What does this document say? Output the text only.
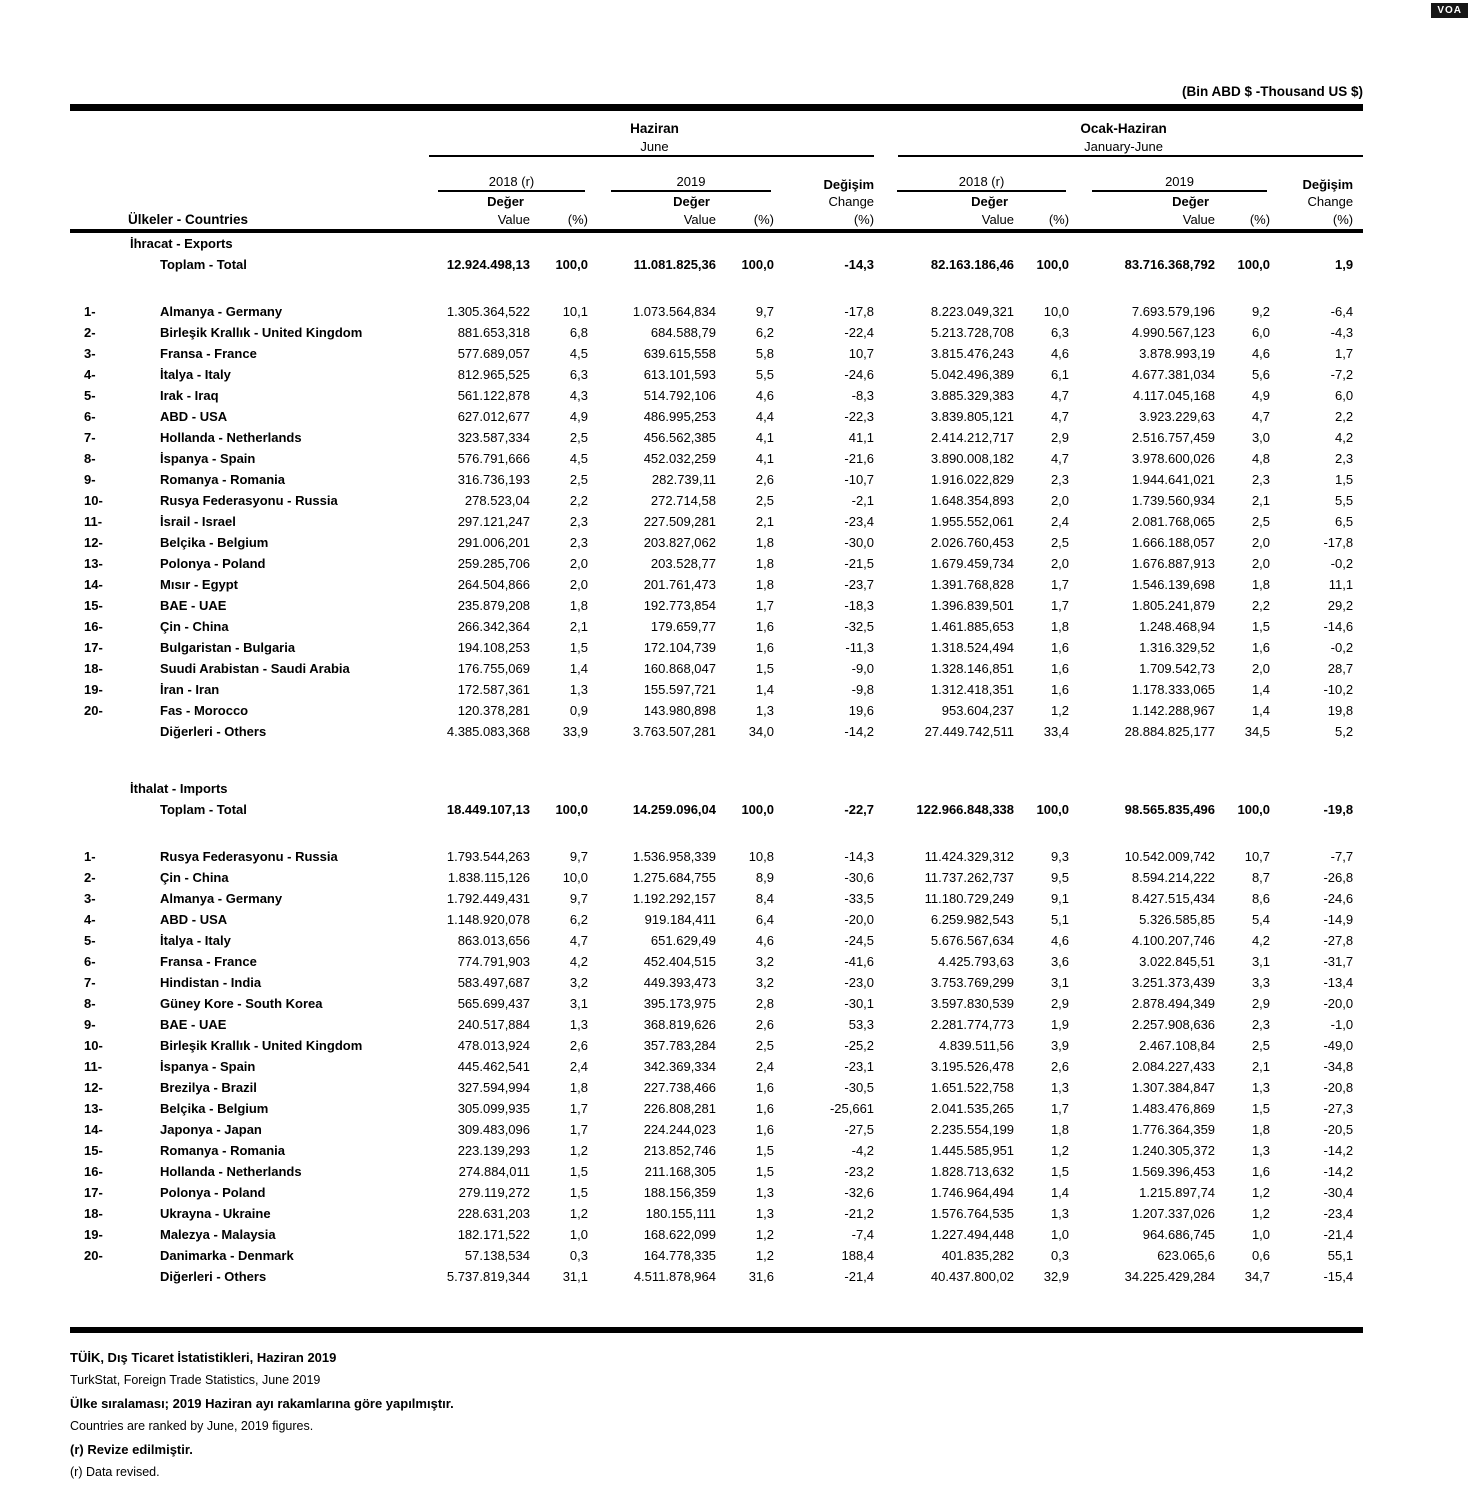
VOA
(Bin ABD $ -Thousand US $)
		Haziran					Ocak-Haziran				
		June					January-June				
		2018 (r)		2019		Değişim	2018 (r)		2019		Değişim
Ülkeler - Countries		Değer		Değer		Change	Değer		Değer		Change
		Value	(%)	Value	(%)	(%)	Value	(%)	Value	(%)	(%)
İhracat - Exports											
Toplam - Total		12.924.498,13	100,0	11.081.825,36	100,0	-14,3	82.163.186,46	100,0	83.716.368,792	100,0	1,9

1-	Almanya - Germany	1.305.364,522	10,1	1.073.564,834	9,7	-17,8	8.223.049,321	10,0	7.693.579,196	9,2	-6,4
2-	Birleşik Krallık - United Kingdom	881.653,318	6,8	684.588,79	6,2	-22,4	5.213.728,708	6,3	4.990.567,123	6,0	-4,3
3-	Fransa - France	577.689,057	4,5	639.615,558	5,8	10,7	3.815.476,243	4,6	3.878.993,19	4,6	1,7
4-	İtalya - Italy	812.965,525	6,3	613.101,593	5,5	-24,6	5.042.496,389	6,1	4.677.381,034	5,6	-7,2
5-	Irak - Iraq	561.122,878	4,3	514.792,106	4,6	-8,3	3.885.329,383	4,7	4.117.045,168	4,9	6,0
6-	ABD - USA	627.012,677	4,9	486.995,253	4,4	-22,3	3.839.805,121	4,7	3.923.229,63	4,7	2,2
7-	Hollanda - Netherlands	323.587,334	2,5	456.562,385	4,1	41,1	2.414.212,717	2,9	2.516.757,459	3,0	4,2
8-	İspanya - Spain	576.791,666	4,5	452.032,259	4,1	-21,6	3.890.008,182	4,7	3.978.600,026	4,8	2,3
9-	Romanya - Romania	316.736,193	2,5	282.739,11	2,6	-10,7	1.916.022,829	2,3	1.944.641,021	2,3	1,5
10-	Rusya Federasyonu - Russia	278.523,04	2,2	272.714,58	2,5	-2,1	1.648.354,893	2,0	1.739.560,934	2,1	5,5
11-	İsrail - Israel	297.121,247	2,3	227.509,281	2,1	-23,4	1.955.552,061	2,4	2.081.768,065	2,5	6,5
12-	Belçika - Belgium	291.006,201	2,3	203.827,062	1,8	-30,0	2.026.760,453	2,5	1.666.188,057	2,0	-17,8
13-	Polonya - Poland	259.285,706	2,0	203.528,77	1,8	-21,5	1.679.459,734	2,0	1.676.887,913	2,0	-0,2
14-	Mısır - Egypt	264.504,866	2,0	201.761,473	1,8	-23,7	1.391.768,828	1,7	1.546.139,698	1,8	11,1
15-	BAE - UAE	235.879,208	1,8	192.773,854	1,7	-18,3	1.396.839,501	1,7	1.805.241,879	2,2	29,2
16-	Çin - China	266.342,364	2,1	179.659,77	1,6	-32,5	1.461.885,653	1,8	1.248.468,94	1,5	-14,6
17-	Bulgaristan - Bulgaria	194.108,253	1,5	172.104,739	1,6	-11,3	1.318.524,494	1,6	1.316.329,52	1,6	-0,2
18-	Suudi Arabistan - Saudi Arabia	176.755,069	1,4	160.868,047	1,5	-9,0	1.328.146,851	1,6	1.709.542,73	2,0	28,7
19-	İran - Iran	172.587,361	1,3	155.597,721	1,4	-9,8	1.312.418,351	1,6	1.178.333,065	1,4	-10,2
20-	Fas - Morocco	120.378,281	0,9	143.980,898	1,3	19,6	953.604,237	1,2	1.142.288,967	1,4	19,8
	Diğerleri - Others	4.385.083,368	33,9	3.763.507,281	34,0	-14,2	27.449.742,511	33,4	28.884.825,177	34,5	5,2

İthalat - Imports											
Toplam - Total		18.449.107,13	100,0	14.259.096,04	100,0	-22,7	122.966.848,338	100,0	98.565.835,496	100,0	-19,8

1-	Rusya Federasyonu - Russia	1.793.544,263	9,7	1.536.958,339	10,8	-14,3	11.424.329,312	9,3	10.542.009,742	10,7	-7,7
2-	Çin - China	1.838.115,126	10,0	1.275.684,755	8,9	-30,6	11.737.262,737	9,5	8.594.214,222	8,7	-26,8
3-	Almanya - Germany	1.792.449,431	9,7	1.192.292,157	8,4	-33,5	11.180.729,249	9,1	8.427.515,434	8,6	-24,6
4-	ABD - USA	1.148.920,078	6,2	919.184,411	6,4	-20,0	6.259.982,543	5,1	5.326.585,85	5,4	-14,9
5-	İtalya - Italy	863.013,656	4,7	651.629,49	4,6	-24,5	5.676.567,634	4,6	4.100.207,746	4,2	-27,8
6-	Fransa - France	774.791,903	4,2	452.404,515	3,2	-41,6	4.425.793,63	3,6	3.022.845,51	3,1	-31,7
7-	Hindistan - India	583.497,687	3,2	449.393,473	3,2	-23,0	3.753.769,299	3,1	3.251.373,439	3,3	-13,4
8-	Güney Kore - South Korea	565.699,437	3,1	395.173,975	2,8	-30,1	3.597.830,539	2,9	2.878.494,349	2,9	-20,0
9-	BAE - UAE	240.517,884	1,3	368.819,626	2,6	53,3	2.281.774,773	1,9	2.257.908,636	2,3	-1,0
10-	Birleşik Krallık - United Kingdom	478.013,924	2,6	357.783,284	2,5	-25,2	4.839.511,56	3,9	2.467.108,84	2,5	-49,0
11-	İspanya - Spain	445.462,541	2,4	342.369,334	2,4	-23,1	3.195.526,478	2,6	2.084.227,433	2,1	-34,8
12-	Brezilya - Brazil	327.594,994	1,8	227.738,466	1,6	-30,5	1.651.522,758	1,3	1.307.384,847	1,3	-20,8
13-	Belçika - Belgium	305.099,935	1,7	226.808,281	1,6	-25,661	2.041.535,265	1,7	1.483.476,869	1,5	-27,3
14-	Japonya - Japan	309.483,096	1,7	224.244,023	1,6	-27,5	2.235.554,199	1,8	1.776.364,359	1,8	-20,5
15-	Romanya - Romania	223.139,293	1,2	213.852,746	1,5	-4,2	1.445.585,951	1,2	1.240.305,372	1,3	-14,2
16-	Hollanda - Netherlands	274.884,011	1,5	211.168,305	1,5	-23,2	1.828.713,632	1,5	1.569.396,453	1,6	-14,2
17-	Polonya - Poland	279.119,272	1,5	188.156,359	1,3	-32,6	1.746.964,494	1,4	1.215.897,74	1,2	-30,4
18-	Ukrayna - Ukraine	228.631,203	1,2	180.155,111	1,3	-21,2	1.576.764,535	1,3	1.207.337,026	1,2	-23,4
19-	Malezya - Malaysia	182.171,522	1,0	168.622,099	1,2	-7,4	1.227.494,448	1,0	964.686,745	1,0	-21,4
20-	Danimarka - Denmark	57.138,534	0,3	164.778,335	1,2	188,4	401.835,282	0,3	623.065,6	0,6	55,1
	Diğerleri - Others	5.737.819,344	31,1	4.511.878,964	31,6	-21,4	40.437.800,02	32,9	34.225.429,284	34,7	-15,4

TÜİK, Dış Ticaret İstatistikleri, Haziran 2019
TurkStat, Foreign Trade Statistics, June 2019
Ülke sıralaması; 2019 Haziran ayı rakamlarına göre yapılmıştır.
Countries are ranked by June, 2019 figures.
(r) Revize edilmiştir.
(r) Data revised.
